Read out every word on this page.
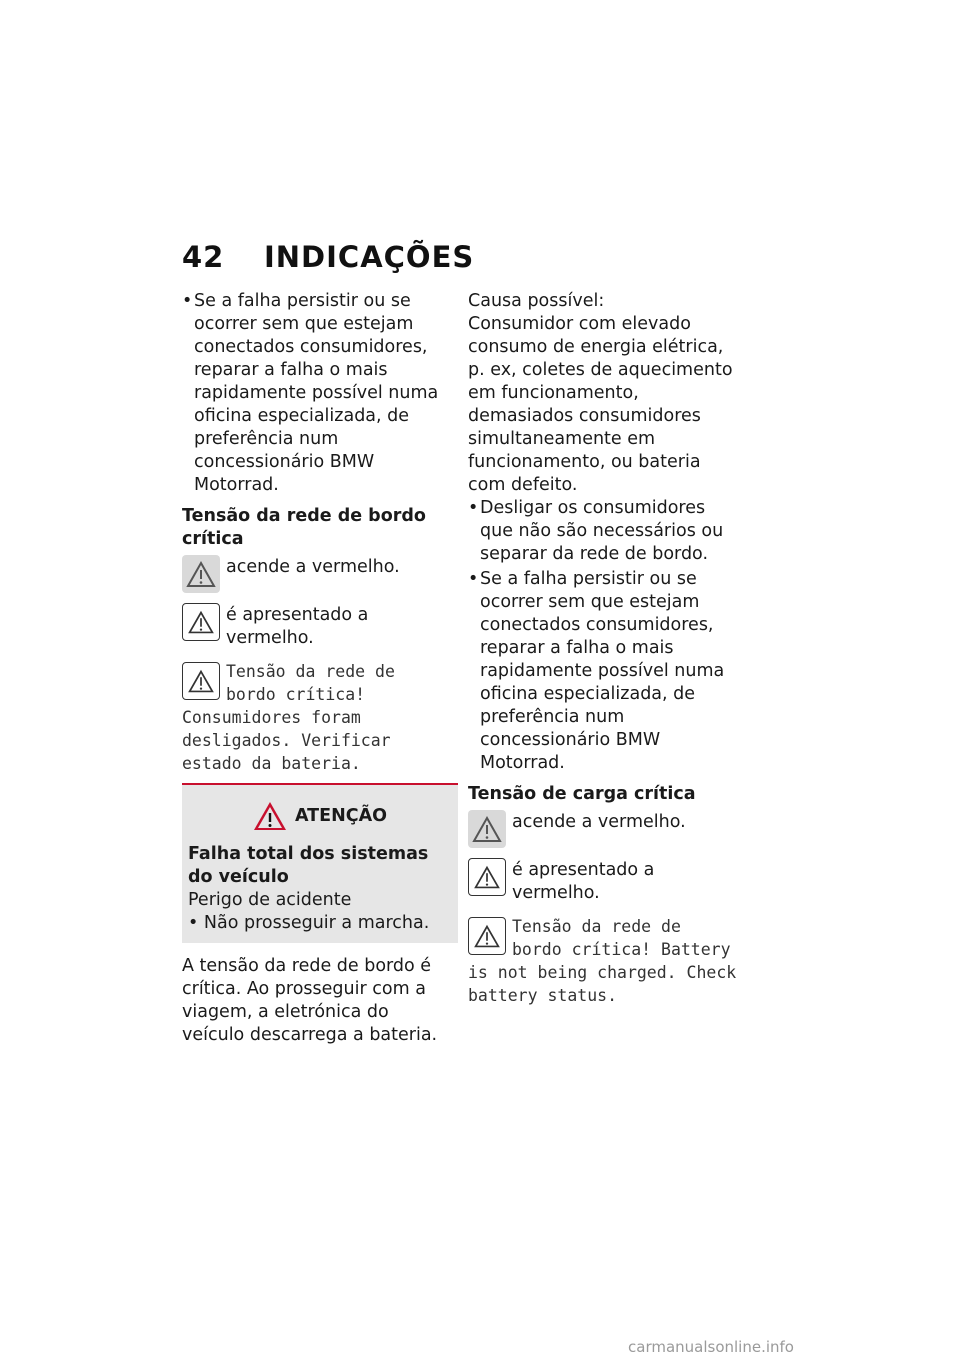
42 INDICAÇÕES

• Se a falha persistir ou se ocorrer sem que estejam conectados consumidores, reparar a falha o mais rapidamente possível numa oficina especializada, de preferência num concessionário BMW Motorrad.

Tensão da rede de bordo crítica

acende a vermelho.
é apresentado a vermelho.
Tensão da rede de bordo crítica! Consumidores foram desligados. Verificar estado da bateria.
ATENÇÃO

Falha total dos sistemas do veículo

Perigo de acidente

• Não prosseguir a marcha.

A tensão da rede de bordo é crítica. Ao prosseguir com a viagem, a eletrónica do veículo descarrega a bateria.

Causa possível:

Consumidor com elevado consumo de energia elétrica, p. ex, coletes de aquecimento em funcionamento, demasiados consumidores simultaneamente em funcionamento, ou bateria com defeito.

• Desligar os consumidores que não são necessários ou separar da rede de bordo.

• Se a falha persistir ou se ocorrer sem que estejam conectados consumidores, reparar a falha o mais rapidamente possível numa oficina especializada, de preferência num concessionário BMW Motorrad.

Tensão de carga crítica

acende a vermelho.
é apresentado a vermelho.
Tensão da rede de bordo crítica! Battery is not being charged. Check battery status.
carmanualsonline.info
